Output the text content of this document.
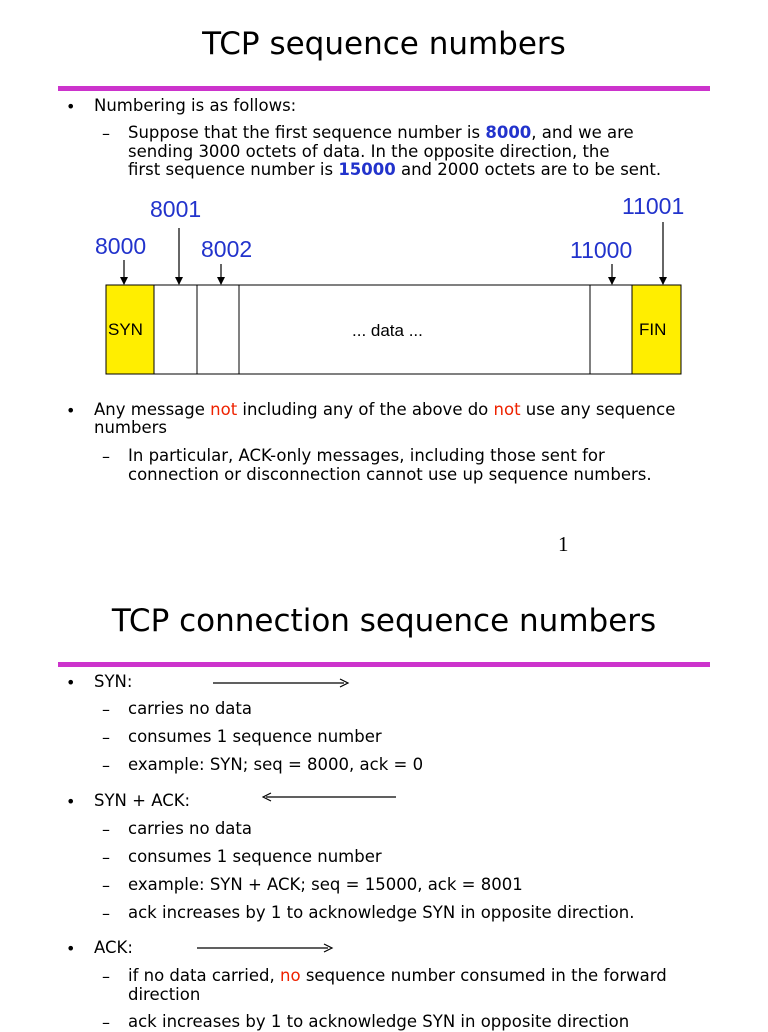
TCP sequence numbers
• Numbering is as follows:

– Suppose that the first sequence number is 8000, and we are

sending 3000 octets of data. In the opposite direction, the

first sequence number is 15000 and 2000 octets are to be sent.

8001
8000 8002
11001
11000
SYN	... data ...	FIN
• Any message not including any of the above do not use any sequence

numbers

– In particular, ACK-only messages, including those sent for

connection or disconnection cannot use up sequence numbers.

1
TCP connection sequence numbers
• SYN:

– carries no data

– consumes 1 sequence number

– example: SYN; seq = 8000, ack = 0

• SYN + ACK:

– carries no data

– consumes 1 sequence number

– example: SYN + ACK; seq = 15000, ack = 8001

– ack increases by 1 to acknowledge SYN in opposite direction.

• ACK:

– if no data carried, no sequence number consumed in the forward

direction

– ack increases by 1 to acknowledge SYN in opposite direction
